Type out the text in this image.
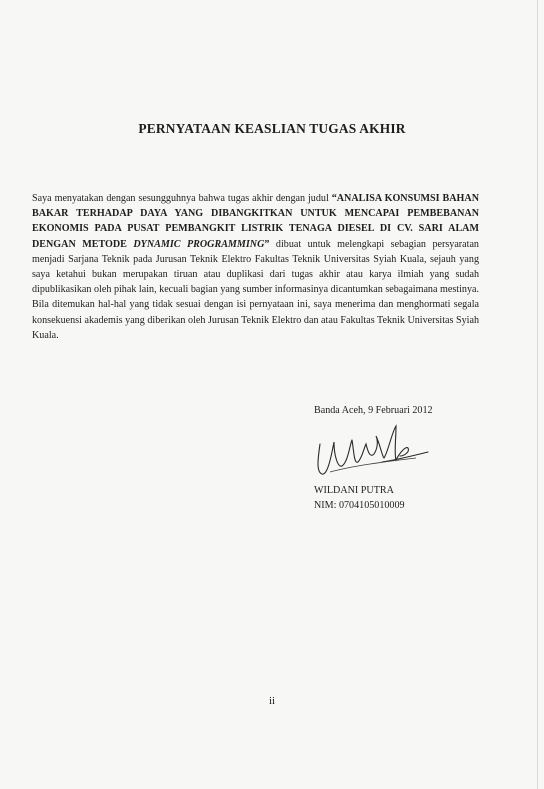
PERNYATAAN KEASLIAN TUGAS AKHIR
Saya menyatakan dengan sesungguhnya bahwa tugas akhir dengan judul “ANALISA KONSUMSI BAHAN BAKAR TERHADAP DAYA YANG DIBANGKITKAN UNTUK MENCAPAI PEMBEBANAN EKONOMIS PADA PUSAT PEMBANGKIT LISTRIK TENAGA DIESEL DI CV. SARI ALAM DENGAN METODE DYNAMIC PROGRAMMING” dibuat untuk melengkapi sebagian persyaratan menjadi Sarjana Teknik pada Jurusan Teknik Elektro Fakultas Teknik Universitas Syiah Kuala, sejauh yang saya ketahui bukan merupakan tiruan atau duplikasi dari tugas akhir atau karya ilmiah yang sudah dipublikasikan oleh pihak lain, kecuali bagian yang sumber informasinya dicantumkan sebagaimana mestinya. Bila ditemukan hal-hal yang tidak sesuai dengan isi pernyataan ini, saya menerima dan menghormati segala konsekuensi akademis yang diberikan oleh Jurusan Teknik Elektro dan atau Fakultas Teknik Universitas Syiah Kuala.
Banda Aceh, 9 Februari 2012
WILDANI PUTRA
NIM: 0704105010009
ii
